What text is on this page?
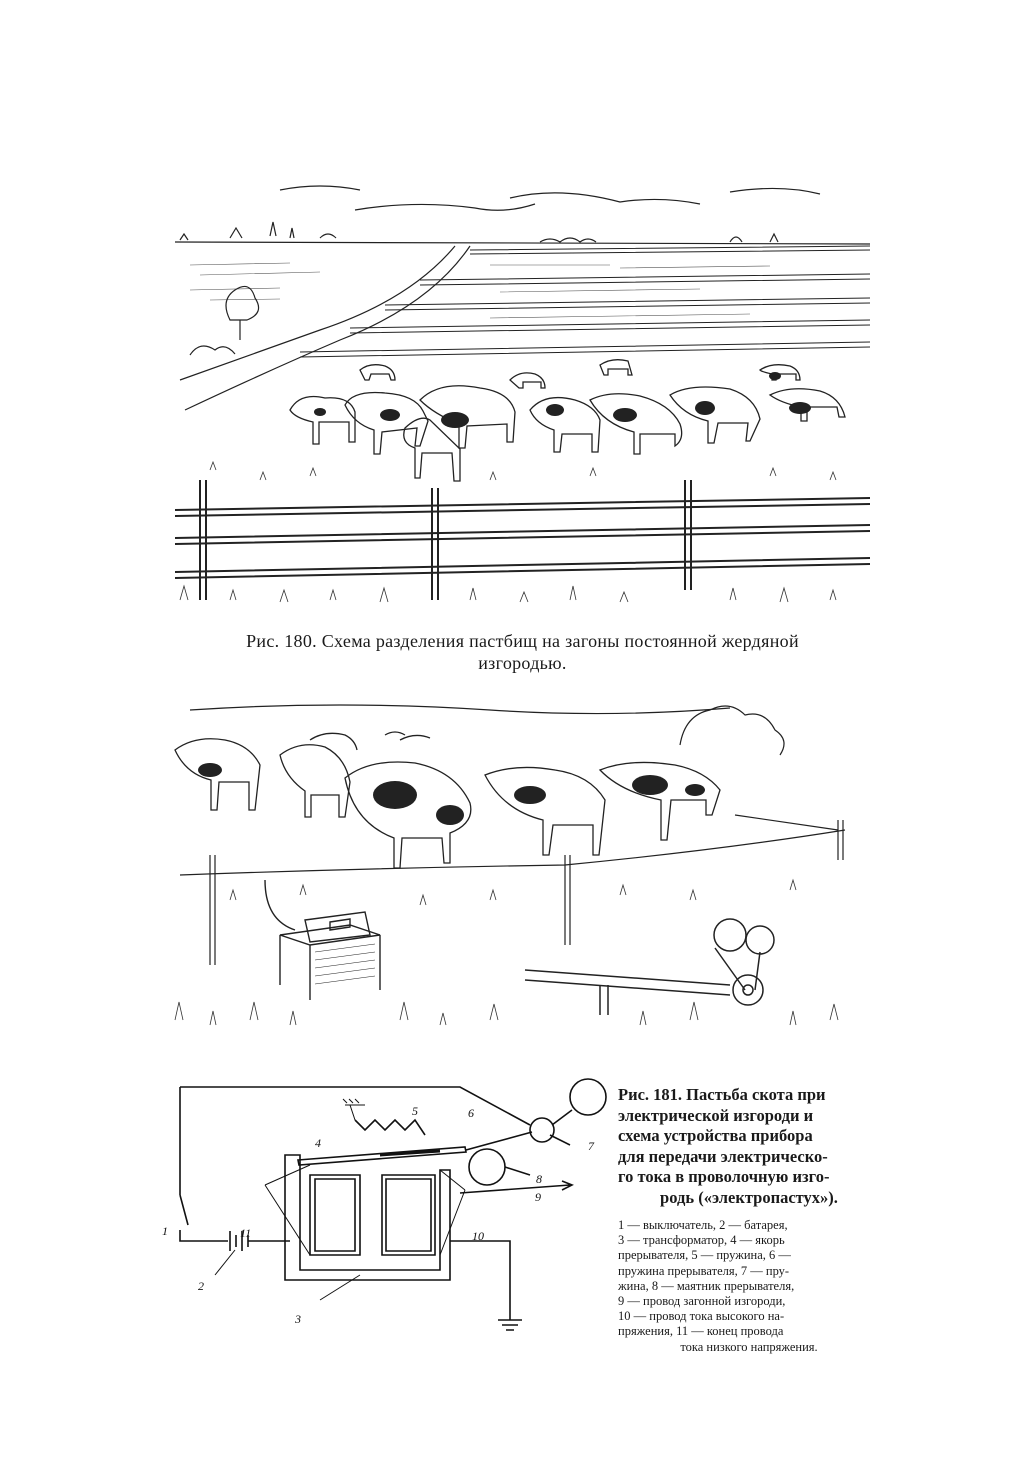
Рис. 180. Схема разделения пастбищ на загоны постоянной жердяной
изгородью.
1
2
3
4
5	6
7
8
9
10
11
Рис. 181. Пастьба скота при
электрической изгороди и
схема устройства прибора
для передачи электрическо-
го тока в проволочную изго-
родь («электропастух»).
1 — выключатель, 2 — батарея,
3 — трансформатор, 4 — якорь
прерывателя, 5 — пружина, 6 —
пружина прерывателя, 7 — пру-
жина, 8 — маятник прерывателя,
9 — провод загонной изгороди,
10 — провод тока высокого на-
пряжения, 11 — конец провода
тока низкого напряжения.
